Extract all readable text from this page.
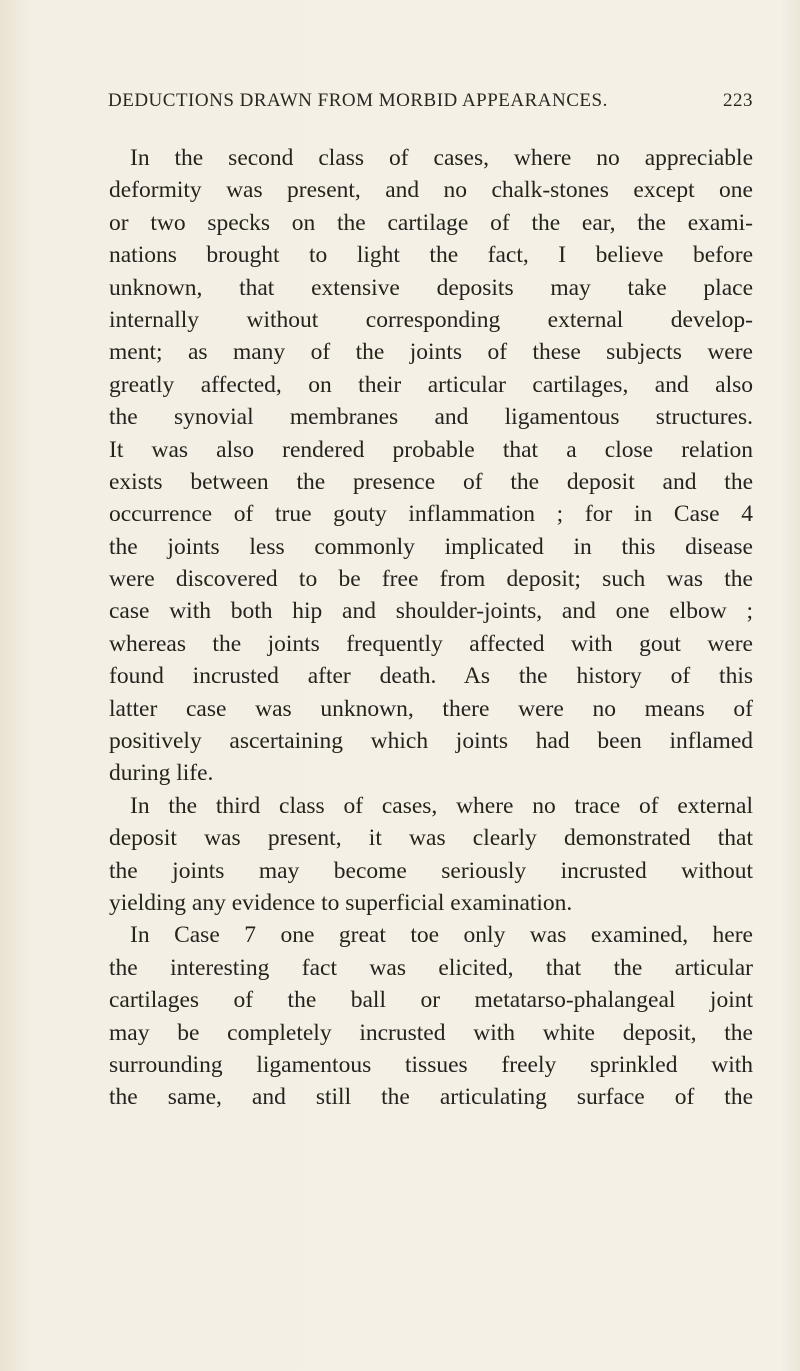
DEDUCTIONS DRAWN FROM MORBID APPEARANCES.	223
In the second class of cases, where no appreciable
deformity was present, and no chalk-stones except one
or two specks on the cartilage of the ear, the exami-
nations brought to light the fact, I believe before
unknown, that extensive deposits may take place
internally without corresponding external develop-
ment; as many of the joints of these subjects were
greatly affected, on their articular cartilages, and also
the synovial membranes and ligamentous structures.
It was also rendered probable that a close relation
exists between the presence of the deposit and the
occurrence of true gouty inflammation ; for in Case 4
the joints less commonly implicated in this disease
were discovered to be free from deposit; such was the
case with both hip and shoulder-joints, and one elbow ;
whereas the joints frequently affected with gout were
found incrusted after death. As the history of this
latter case was unknown, there were no means of
positively ascertaining which joints had been inflamed
during life.
In the third class of cases, where no trace of external
deposit was present, it was clearly demonstrated that
the joints may become seriously incrusted without
yielding any evidence to superficial examination.
In Case 7 one great toe only was examined, here
the interesting fact was elicited, that the articular
cartilages of the ball or metatarso-phalangeal joint
may be completely incrusted with white deposit, the
surrounding ligamentous tissues freely sprinkled with
the same, and still the articulating surface of the
